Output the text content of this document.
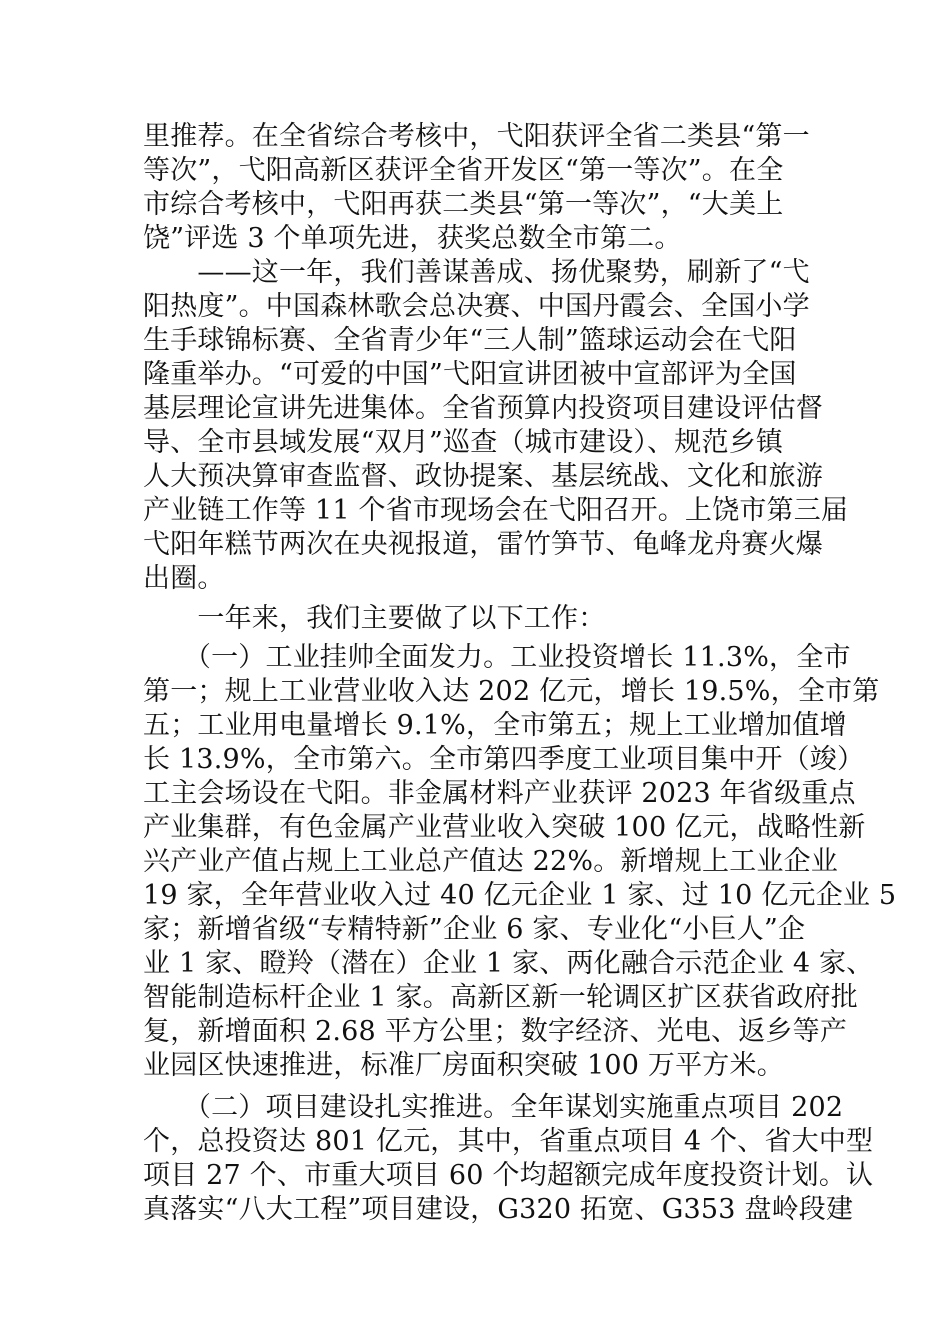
里推荐。在全省综合考核中，弋阳获评全省二类县“第一
等次”，弋阳高新区获评全省开发区“第一等次”。在全
市综合考核中，弋阳再获二类县“第一等次”，“大美上
饶”评选 3 个单项先进，获奖总数全市第二。
　　——这一年，我们善谋善成、扬优聚势，刷新了“弋
阳热度”。中国森林歌会总决赛、中国丹霞会、全国小学
生手球锦标赛、全省青少年“三人制”篮球运动会在弋阳
隆重举办。“可爱的中国”弋阳宣讲团被中宣部评为全国
基层理论宣讲先进集体。全省预算内投资项目建设评估督
导、全市县域发展“双月”巡查（城市建设）、规范乡镇
人大预决算审查监督、政协提案、基层统战、文化和旅游
产业链工作等 11 个省市现场会在弋阳召开。上饶市第三届
弋阳年糕节两次在央视报道，雷竹笋节、龟峰龙舟赛火爆
出圈。
　　一年来，我们主要做了以下工作：
　　（一）工业挂帅全面发力。工业投资增长 11.3%，全市
第一；规上工业营业收入达 202 亿元，增长 19.5%，全市第
五；工业用电量增长 9.1%，全市第五；规上工业增加值增
长 13.9%，全市第六。全市第四季度工业项目集中开（竣）
工主会场设在弋阳。非金属材料产业获评 2023 年省级重点
产业集群，有色金属产业营业收入突破 100 亿元，战略性新
兴产业产值占规上工业总产值达 22%。新增规上工业企业
19 家，全年营业收入过 40 亿元企业 1 家、过 10 亿元企业 5
家；新增省级“专精特新”企业 6 家、专业化“小巨人”企
业 1 家、瞪羚（潜在）企业 1 家、两化融合示范企业 4 家、
智能制造标杆企业 1 家。高新区新一轮调区扩区获省政府批
复，新增面积 2.68 平方公里；数字经济、光电、返乡等产
业园区快速推进，标准厂房面积突破 100 万平方米。
　　（二）项目建设扎实推进。全年谋划实施重点项目 202
个，总投资达 801 亿元，其中，省重点项目 4 个、省大中型
项目 27 个、市重大项目 60 个均超额完成年度投资计划。认
真落实“八大工程”项目建设，G320 拓宽、G353 盘岭段建
